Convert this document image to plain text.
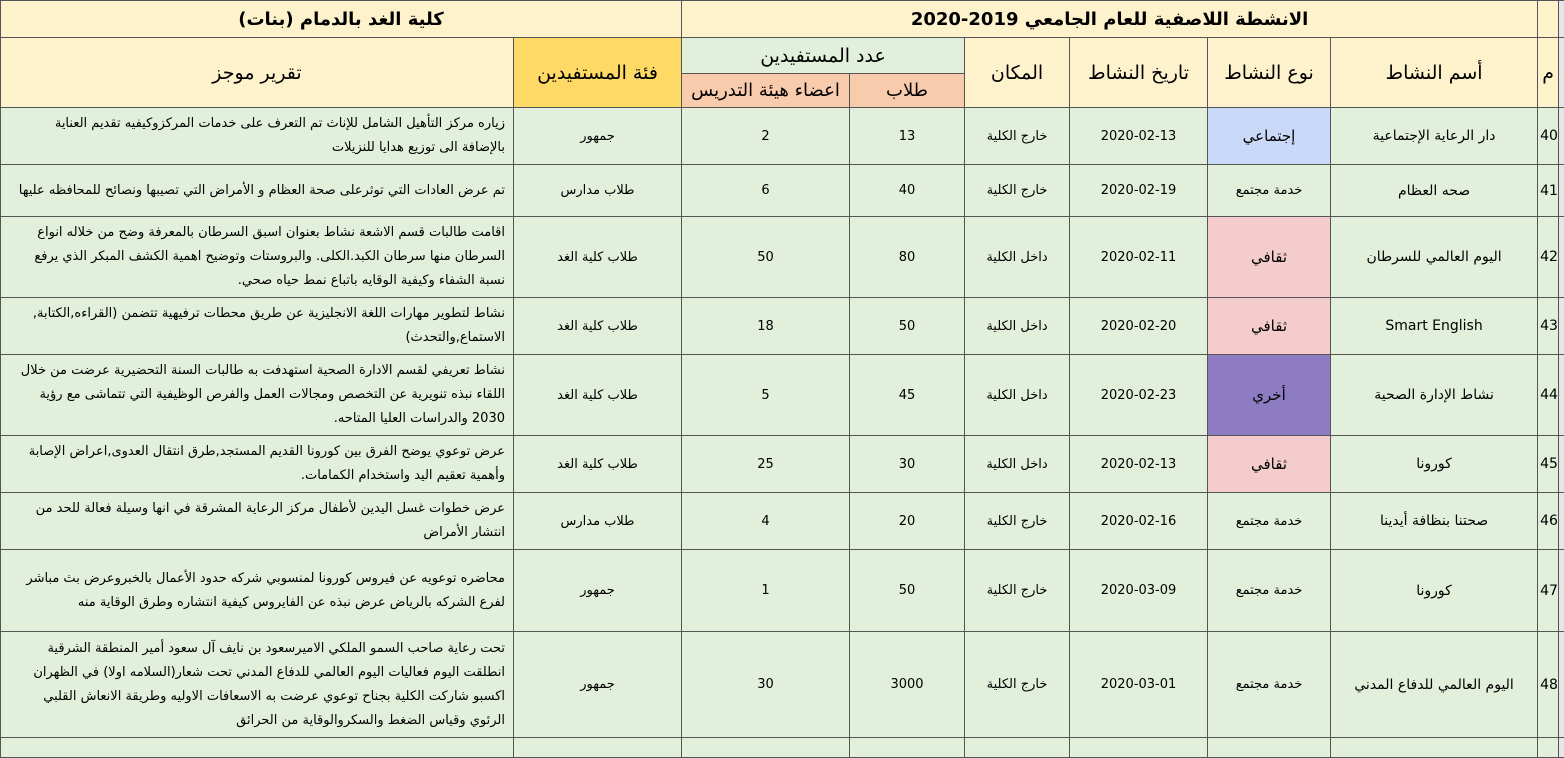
كلية الغد بالدمام (بنات)		الانشطة اللاصفية للعام الجامعي 2019-2020							
تقرير موجز	فئة المستفيدين	عدد المستفيدين		المكان	تاريخ النشاط	نوع النشاط	أسم النشاط	م	
		اعضاء هيئة التدريس	طلاب						
زياره مركز التأهيل الشامل للإناث تم التعرف على خدمات المركزوكيفيه تقديم العناية بالإضافة الى توزيع هدايا للنزيلات	جمهور	2	13	خارج الكلية	2020-02-13	إجتماعي	دار الرعاية الإجتماعية	40	
تم عرض العادات التي توثرعلى صحة العظام و الأمراض التي تصيبها ونصائح للمحافظه عليها	طلاب مدارس	6	40	خارج الكلية	2020-02-19	خدمة مجتمع	صحه العظام	41	
اقامت طالبات قسم الاشعة نشاط بعنوان اسبق السرطان بالمعرفة وضح من خلاله انواع السرطان منها سرطان الكبد.الكلى. والبروستات وتوضيح اهمية الكشف المبكر الذي يرفع نسبة الشفاء وكيفية الوقايه باتباع نمط حياه صحي.	طلاب كلية الغد	50	80	داخل الكلية	2020-02-11	ثقافي	اليوم العالمي للسرطان	42	
نشاط لتطوير مهارات اللغة الانجليزية عن طريق محطات ترفيهية تتضمن (القراءه,الكتابة, الاستماع,والتحدث)	طلاب كلية الغد	18	50	داخل الكلية	2020-02-20	ثقافي	Smart English	43	
نشاط تعريفي لقسم الادارة الصحية استهدفت به طالبات السنة التحضيرية عرضت من خلال اللقاء نبذه تنويرية عن التخصص ومجالات العمل والفرص الوظيفية التي تتماشى مع رؤية 2030 والدراسات العليا المتاحه.	طلاب كلية الغد	5	45	داخل الكلية	2020-02-23	أخري	نشاط الإدارة الصحية	44	
عرض توعوي يوضح الفرق بين كورونا القديم المستجد,طرق انتقال العدوى,اعراض الإصابة وأهمية تعقيم اليد واستخدام الكمامات.	طلاب كلية الغد	25	30	داخل الكلية	2020-02-13	ثقافي	كورونا	45	
عرض خطوات غسل اليدين لأطفال مركز الرعاية المشرقة في انها وسيلة فعالة للحد من انتشار الأمراض	طلاب مدارس	4	20	خارج الكلية	2020-02-16	خدمة مجتمع	صحتنا بنظافة أيدينا	46	
محاضره توعويه عن فيروس كورونا لمنسوبي شركه حدود الأعمال بالخبروعرض بث مباشر لفرع الشركه بالرياض عرض نبذه عن الفايروس كيفية انتشاره وطرق الوقاية منه	جمهور	1	50	خارج الكلية	2020-03-09	خدمة مجتمع	كورونا	47	
تحت رعاية صاحب السمو الملكي الاميرسعود بن نايف آل سعود أمير المنطقة الشرقية انطلقت اليوم فعاليات اليوم العالمي للدفاع المدني تحت شعار(السلامه اولا) في الظهران اكسبو شاركت الكلية بجناح توعوي عرضت به الاسعافات الاوليه وطريقة الانعاش القلبي الرئوي وقياس الضغط والسكروالوقاية من الحرائق	جمهور	30	3000	خارج الكلية	2020-03-01	خدمة مجتمع	اليوم العالمي للدفاع المدني	48	
